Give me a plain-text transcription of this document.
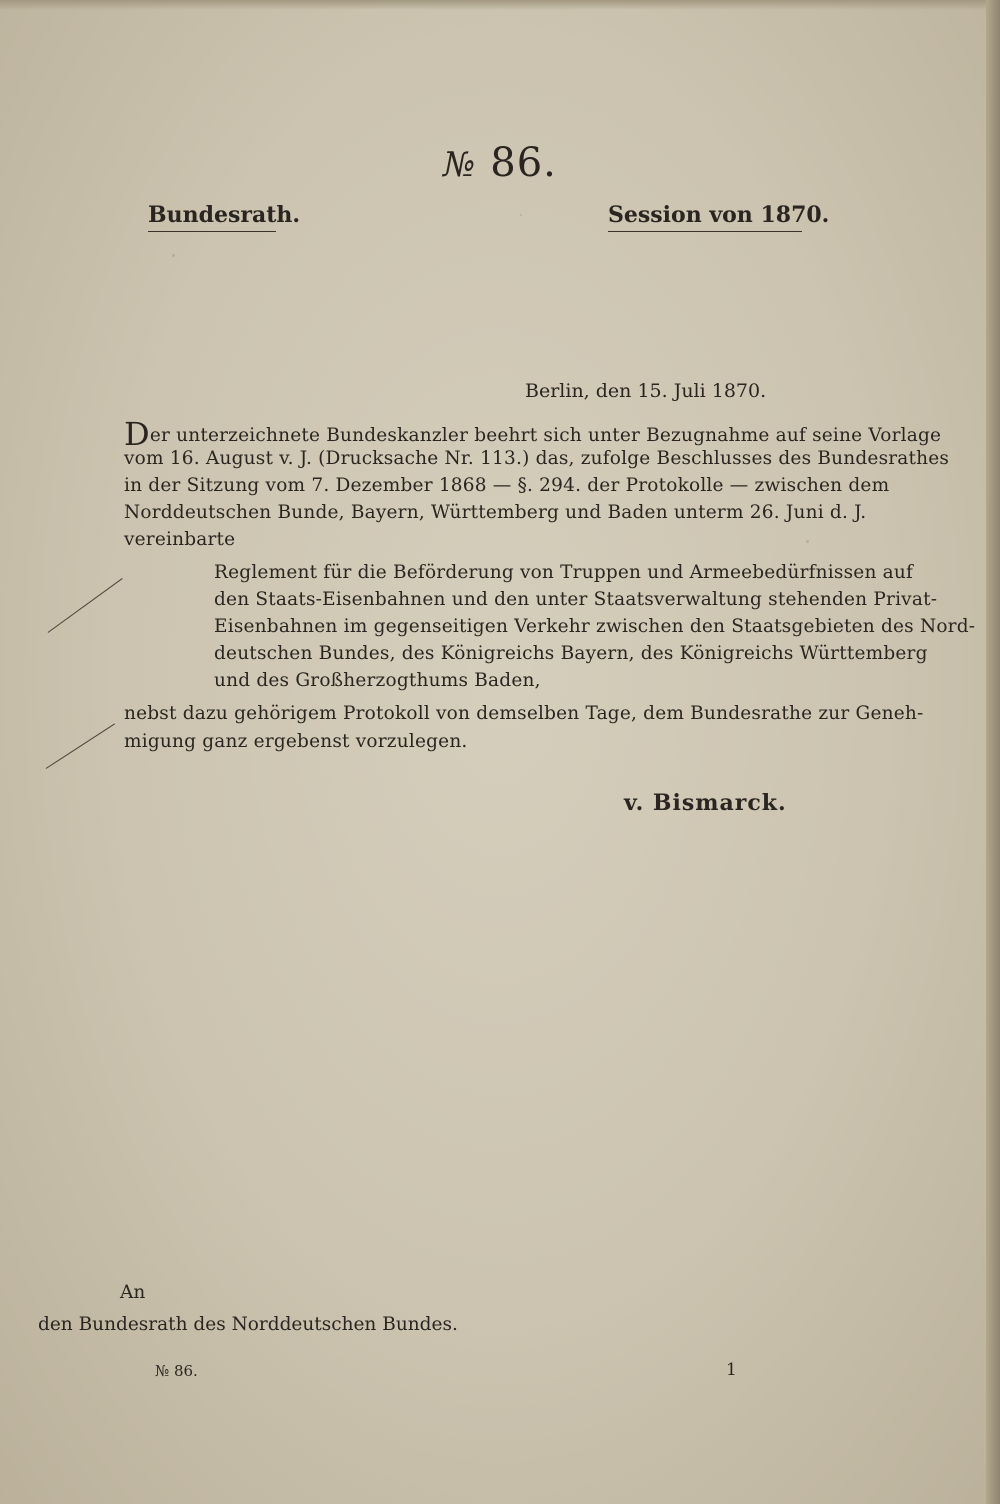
№ 86.
Bundesrath.	Session von 1870.
Berlin, den 15. Juli 1870.
Der unterzeichnete Bundeskanzler beehrt sich unter Bezugnahme auf seine Vorlage
vom 16. August v. J. (Drucksache Nr. 113.) das, zufolge Beschlusses des Bundesrathes
in der Sitzung vom 7. Dezember 1868 — §. 294. der Protokolle — zwischen dem
Norddeutschen Bunde, Bayern, Württemberg und Baden unterm 26. Juni d. J.
vereinbarte
Reglement für die Beförderung von Truppen und Armeebedürfnissen auf
den Staats-Eisenbahnen und den unter Staatsverwaltung stehenden Privat-
Eisenbahnen im gegenseitigen Verkehr zwischen den Staatsgebieten des Nord-
deutschen Bundes, des Königreichs Bayern, des Königreichs Württemberg
und des Großherzogthums Baden,
nebst dazu gehörigem Protokoll von demselben Tage, dem Bundesrathe zur Geneh-
migung ganz ergebenst vorzulegen.
v. Bismarck.
An
den Bundesrath des Norddeutschen Bundes.
№ 86.	1
